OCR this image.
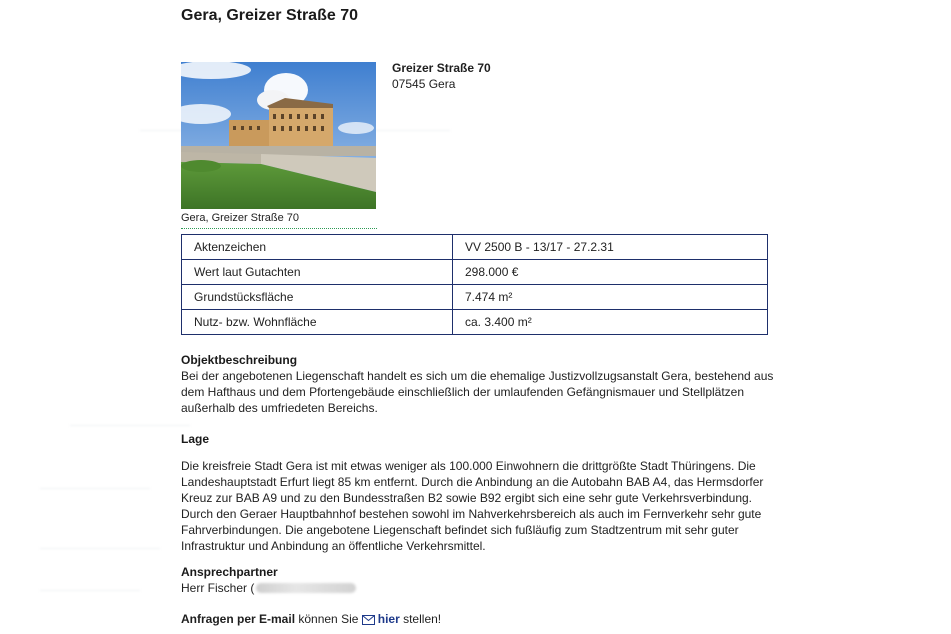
Gera, Greizer Straße 70
Gera, Greizer Straße 70
Greizer Straße 70
07545 Gera
Aktenzeichen	VV 2500 B - 13/17 - 27.2.31
Wert laut Gutachten	298.000 €
Grundstücksfläche	7.474 m²
Nutz- bzw. Wohnfläche	ca. 3.400 m²
Objektbeschreibung
Bei der angebotenen Liegenschaft handelt es sich um die ehemalige Justizvollzugsanstalt Gera, bestehend aus dem Hafthaus und dem Pfortengebäude einschließlich der umlaufenden Gefängnismauer und Stellplätzen außerhalb des umfriedeten Bereichs.
Lage
Die kreisfreie Stadt Gera ist mit etwas weniger als 100.000 Einwohnern die drittgrößte Stadt Thüringens. Die Landeshauptstadt Erfurt liegt 85 km entfernt. Durch die Anbindung an die Autobahn BAB A4, das Hermsdorfer Kreuz zur BAB A9 und zu den Bundesstraßen B2 sowie B92 ergibt sich eine sehr gute Verkehrsverbindung. Durch den Geraer Hauptbahnhof bestehen sowohl im Nahverkehrsbereich als auch im Fernverkehr sehr gute Fahrverbindungen. Die angebotene Liegenschaft befindet sich fußläufig zum Stadtzentrum mit sehr guter Infrastruktur und Anbindung an öffentliche Verkehrsmittel.
Ansprechpartner
Herr Fischer (
Anfragen per E-mail können Sie hier stellen!
